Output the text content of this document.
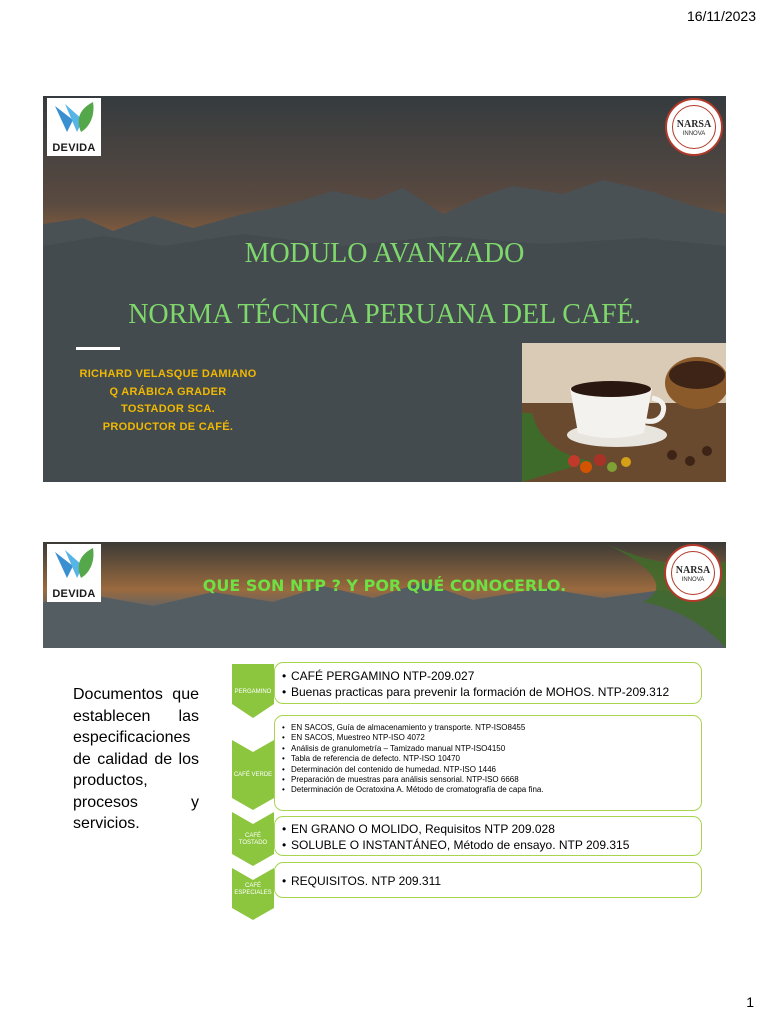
16/11/2023
DEVIDA
NARSA
INNOVA
MODULO AVANZADO
NORMA TÉCNICA PERUANA DEL CAFÉ.
RICHARD VELASQUE DAMIANO
Q ARÁBICA GRADER
TOSTADOR SCA.
PRODUCTOR DE CAFÉ.
DEVIDA
NARSA
INNOVA
QUE SON NTP ? Y POR QUÉ CONOCERLO.
Documentos que establecen las especificaciones de calidad de los productos, procesos y servicios.
PERGAMINO
CAFÉ VERDE
CAFÉ TOSTADO
CAFÉ ESPECIALES
• CAFÉ PERGAMINO NTP-209.027
• Buenas practicas para prevenir la formación de MOHOS. NTP-209.312
• EN SACOS, Guía de almacenamiento y transporte. NTP-ISO8455
• EN SACOS, Muestreo NTP-ISO 4072
• Análisis de granulometría – Tamizado manual NTP-ISO4150
• Tabla de referencia de defecto. NTP-ISO 10470
• Determinación del contenido de humedad. NTP-ISO 1446
• Preparación de muestras para análisis sensorial. NTP-ISO 6668
• Determinación de Ocratoxina A. Método de cromatografía de capa fina.
• EN GRANO O MOLIDO, Requisitos NTP 209.028
• SOLUBLE O INSTANTÁNEO, Método de ensayo. NTP 209.315
• REQUISITOS. NTP 209.311
1
